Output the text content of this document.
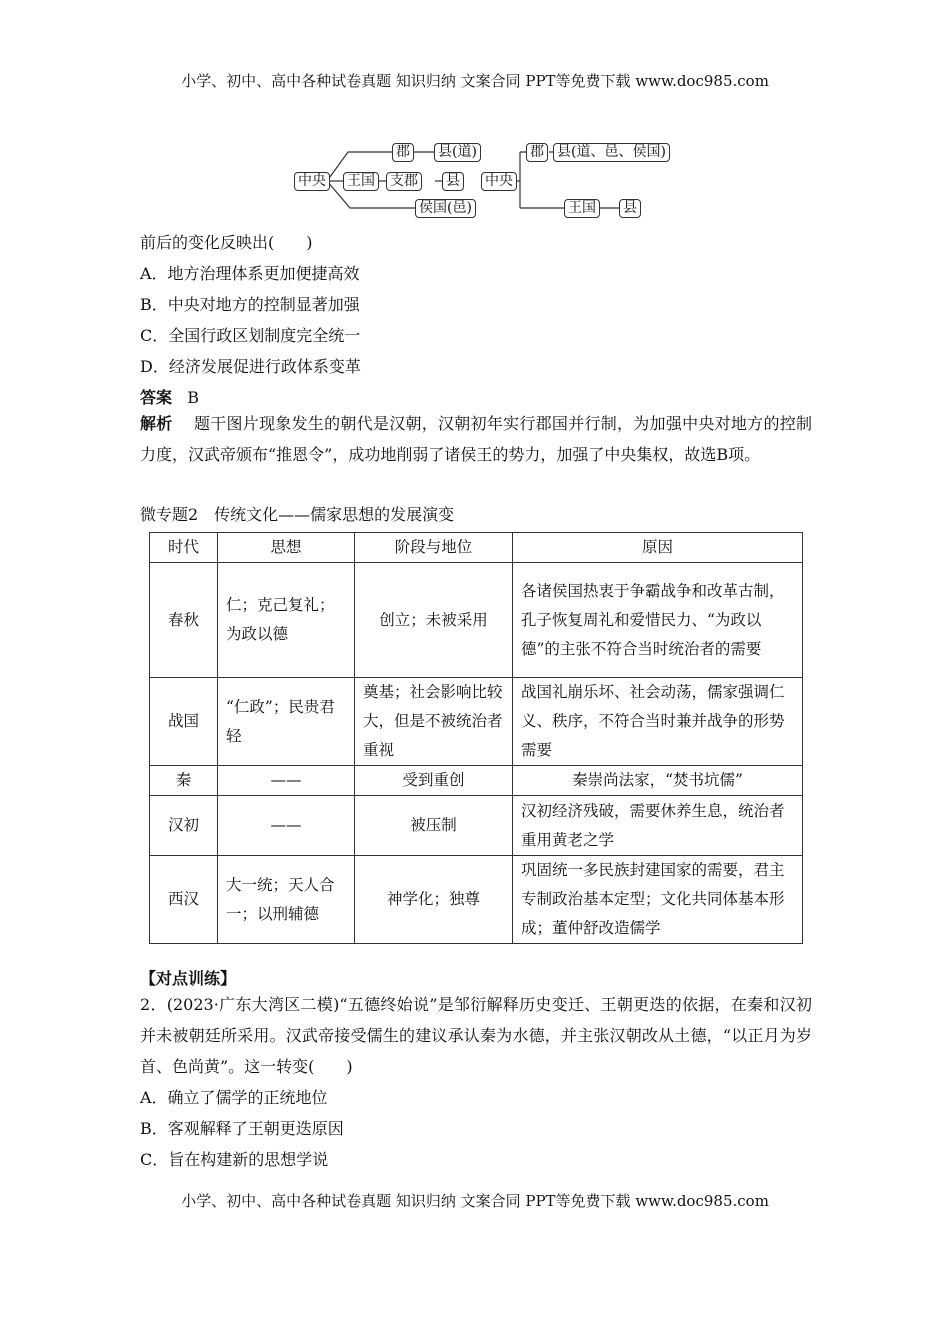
小学、初中、高中各种试卷真题 知识归纳 文案合同 PPT等免费下载 www.doc985.com
中央
郡 县(道)
王国 支郡 县
侯国(邑)
中央
郡 县(道、邑、侯国)
王国 县
前后的变化反映出(　　)
A．地方治理体系更加便捷高效
B．中央对地方的控制显著加强
C．全国行政区划制度完全统一
D．经济发展促进行政体系变革
答案 B
解析 题干图片现象发生的朝代是汉朝，汉朝初年实行郡国并行制，为加强中央对地方的控制力度，汉武帝颁布“推恩令”，成功地削弱了诸侯王的势力，加强了中央集权，故选B项。
微专题2　传统文化——儒家思想的发展演变
时代	思想	阶段与地位	原因
春秋	仁；克己复礼；为政以德	创立；未被采用	各诸侯国热衷于争霸战争和改革古制，孔子恢复周礼和爱惜民力、“为政以德”的主张不符合当时统治者的需要
战国	“仁政”；民贵君轻	奠基；社会影响比较大，但是不被统治者重视	战国礼崩乐坏、社会动荡，儒家强调仁义、秩序，不符合当时兼并战争的形势需要
秦	——	受到重创	秦崇尚法家，“焚书坑儒”
汉初	——	被压制	汉初经济残破，需要休养生息，统治者重用黄老之学
西汉	大一统；天人合一；以刑辅德	神学化；独尊	巩固统一多民族封建国家的需要，君主专制政治基本定型；文化共同体基本形成；董仲舒改造儒学
【对点训练】
2．(2023·广东大湾区二模)“五德终始说”是邹衍解释历史变迁、王朝更迭的依据，在秦和汉初并未被朝廷所采用。汉武帝接受儒生的建议承认秦为水德，并主张汉朝改从土德，“以正月为岁首、色尚黄”。这一转变(　　)
A．确立了儒学的正统地位
B．客观解释了王朝更迭原因
C．旨在构建新的思想学说
小学、初中、高中各种试卷真题 知识归纳 文案合同 PPT等免费下载 www.doc985.com
